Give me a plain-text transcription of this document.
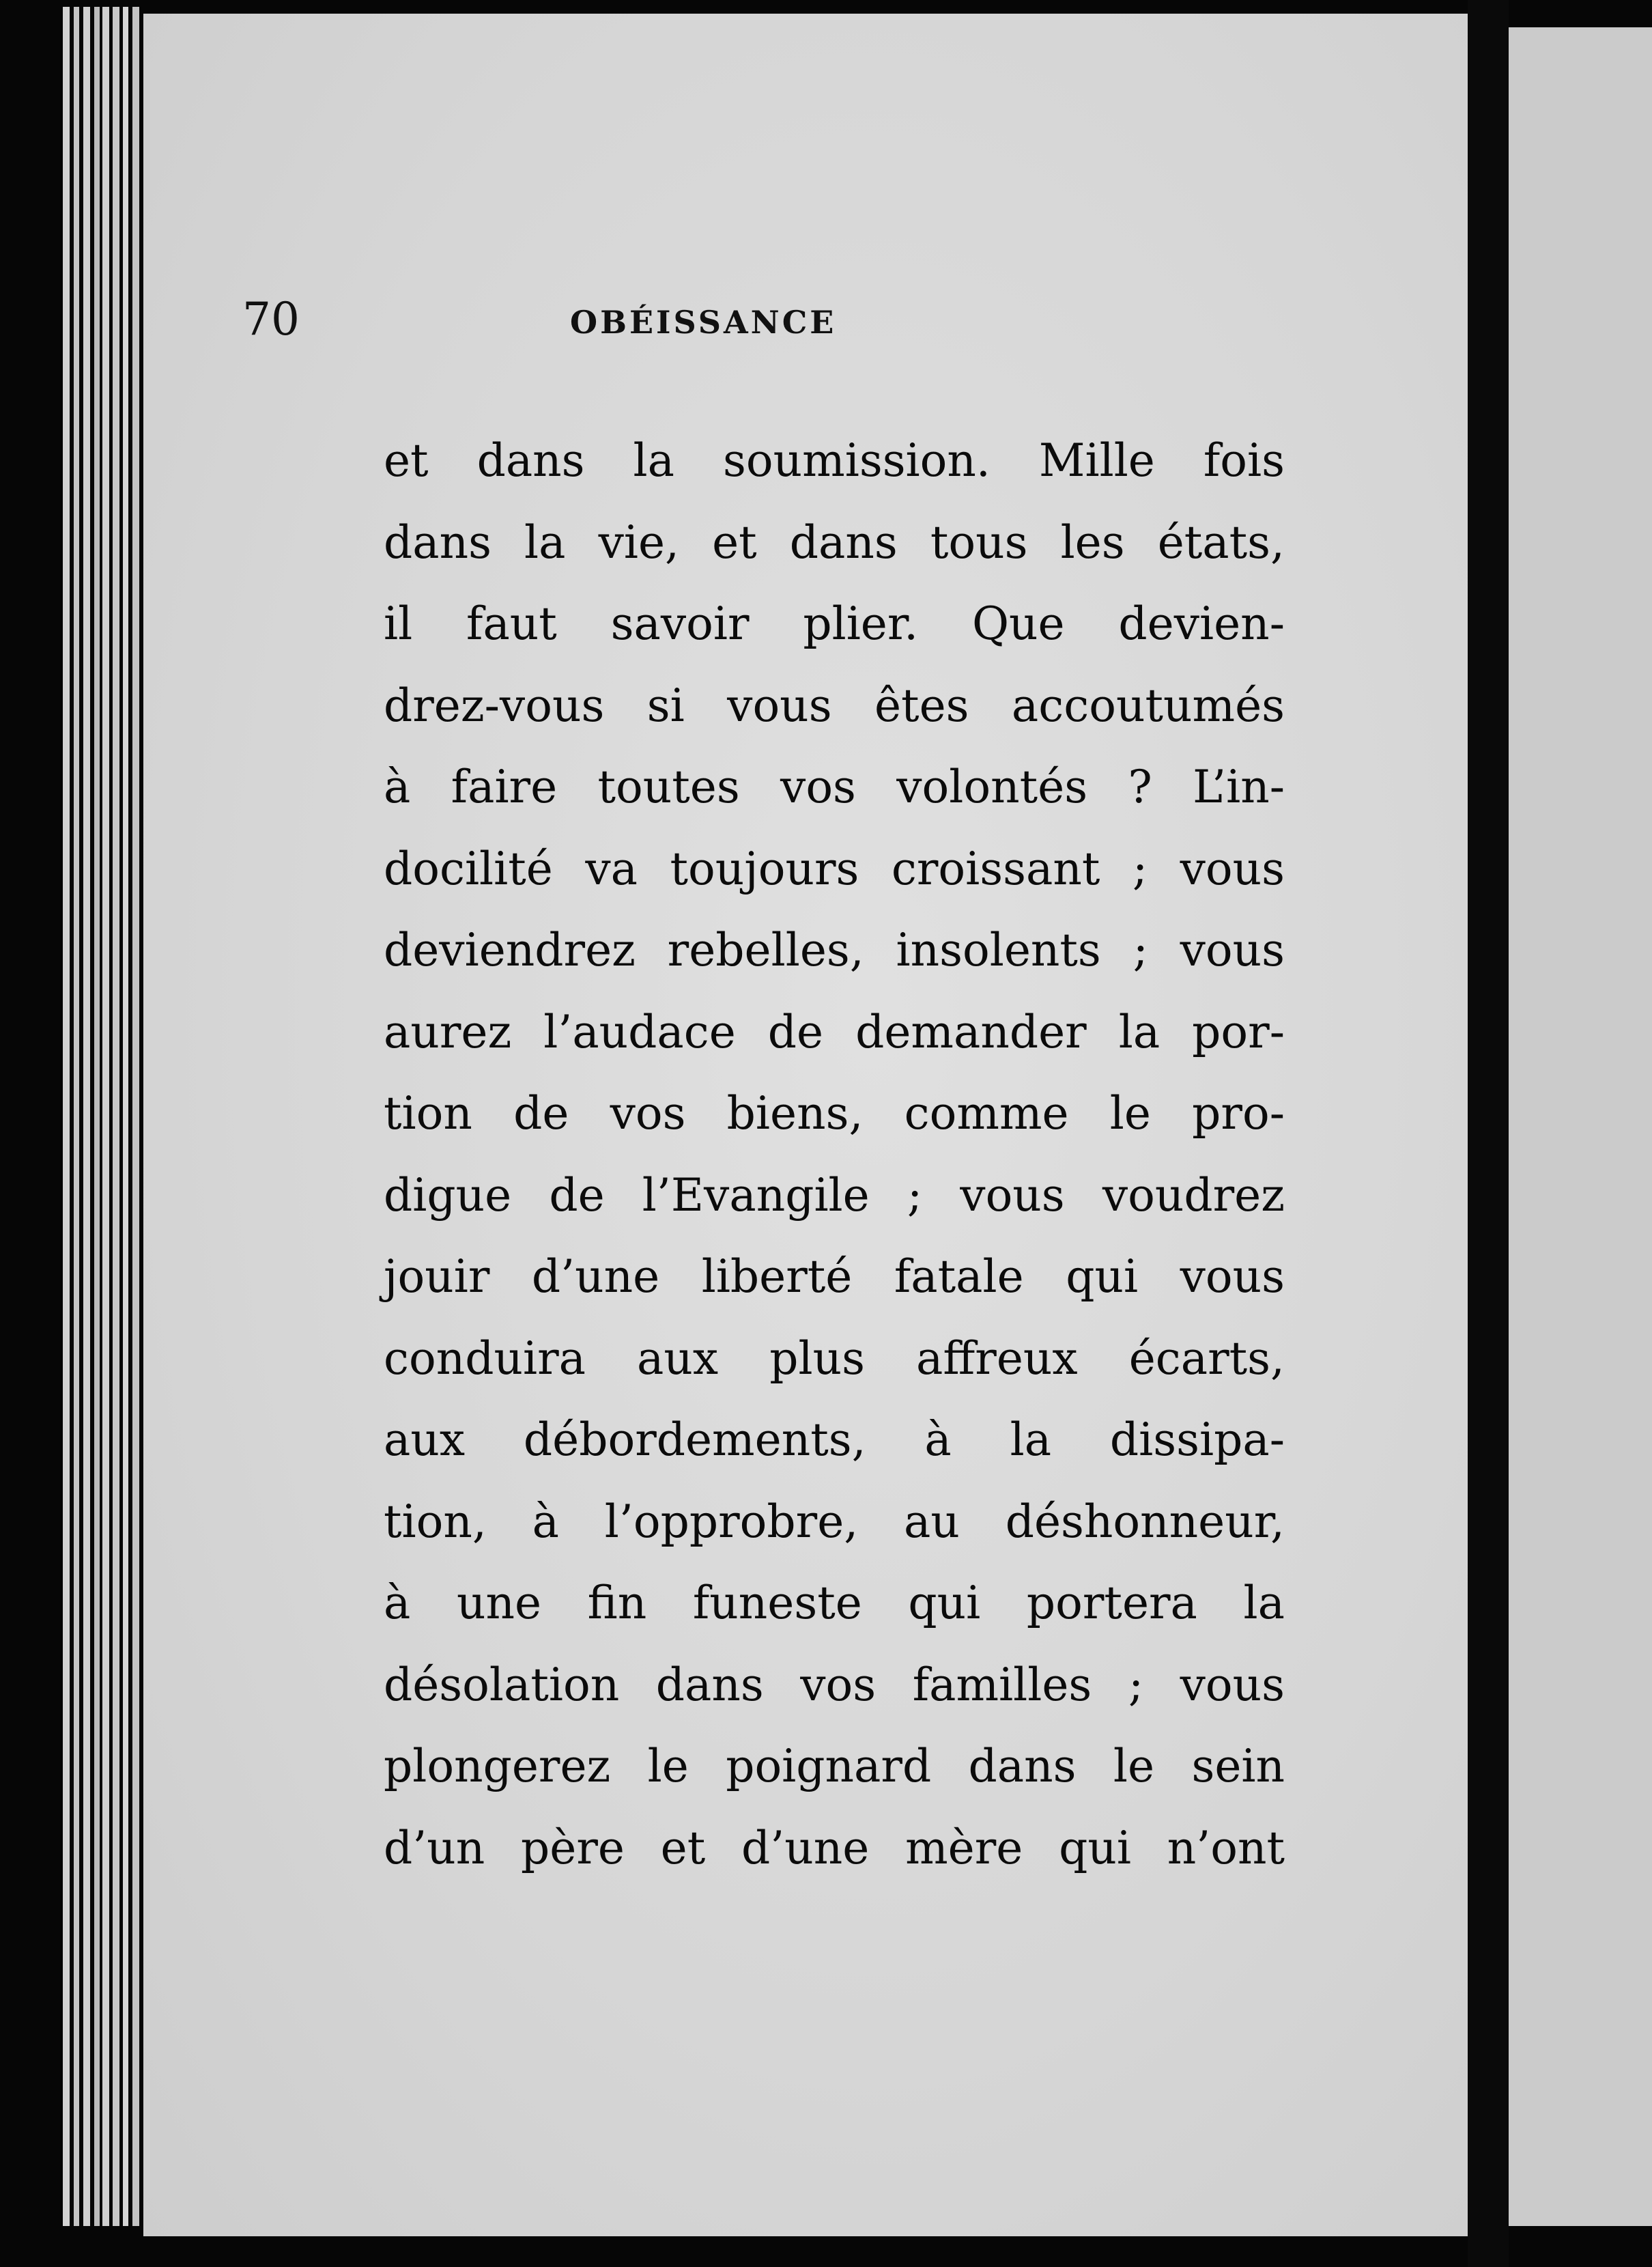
70	OBÉISSANCE
et dans la soumission. Mille fois
dans la vie, et dans tous les états,
il faut savoir plier. Que devien-
drez-vous si vous êtes accoutumés
à faire toutes vos volontés ? L’in-
docilité va toujours croissant ; vous
deviendrez rebelles, insolents ; vous
aurez l’audace de demander la por-
tion de vos biens, comme le pro-
digue de l’Evangile ; vous voudrez
jouir d’une liberté fatale qui vous
conduira aux plus affreux écarts,
aux débordements, à la dissipa-
tion, à l’opprobre, au déshonneur,
à une fin funeste qui portera la
désolation dans vos familles ; vous
plongerez le poignard dans le sein
d’un père et d’une mère qui n’ont
